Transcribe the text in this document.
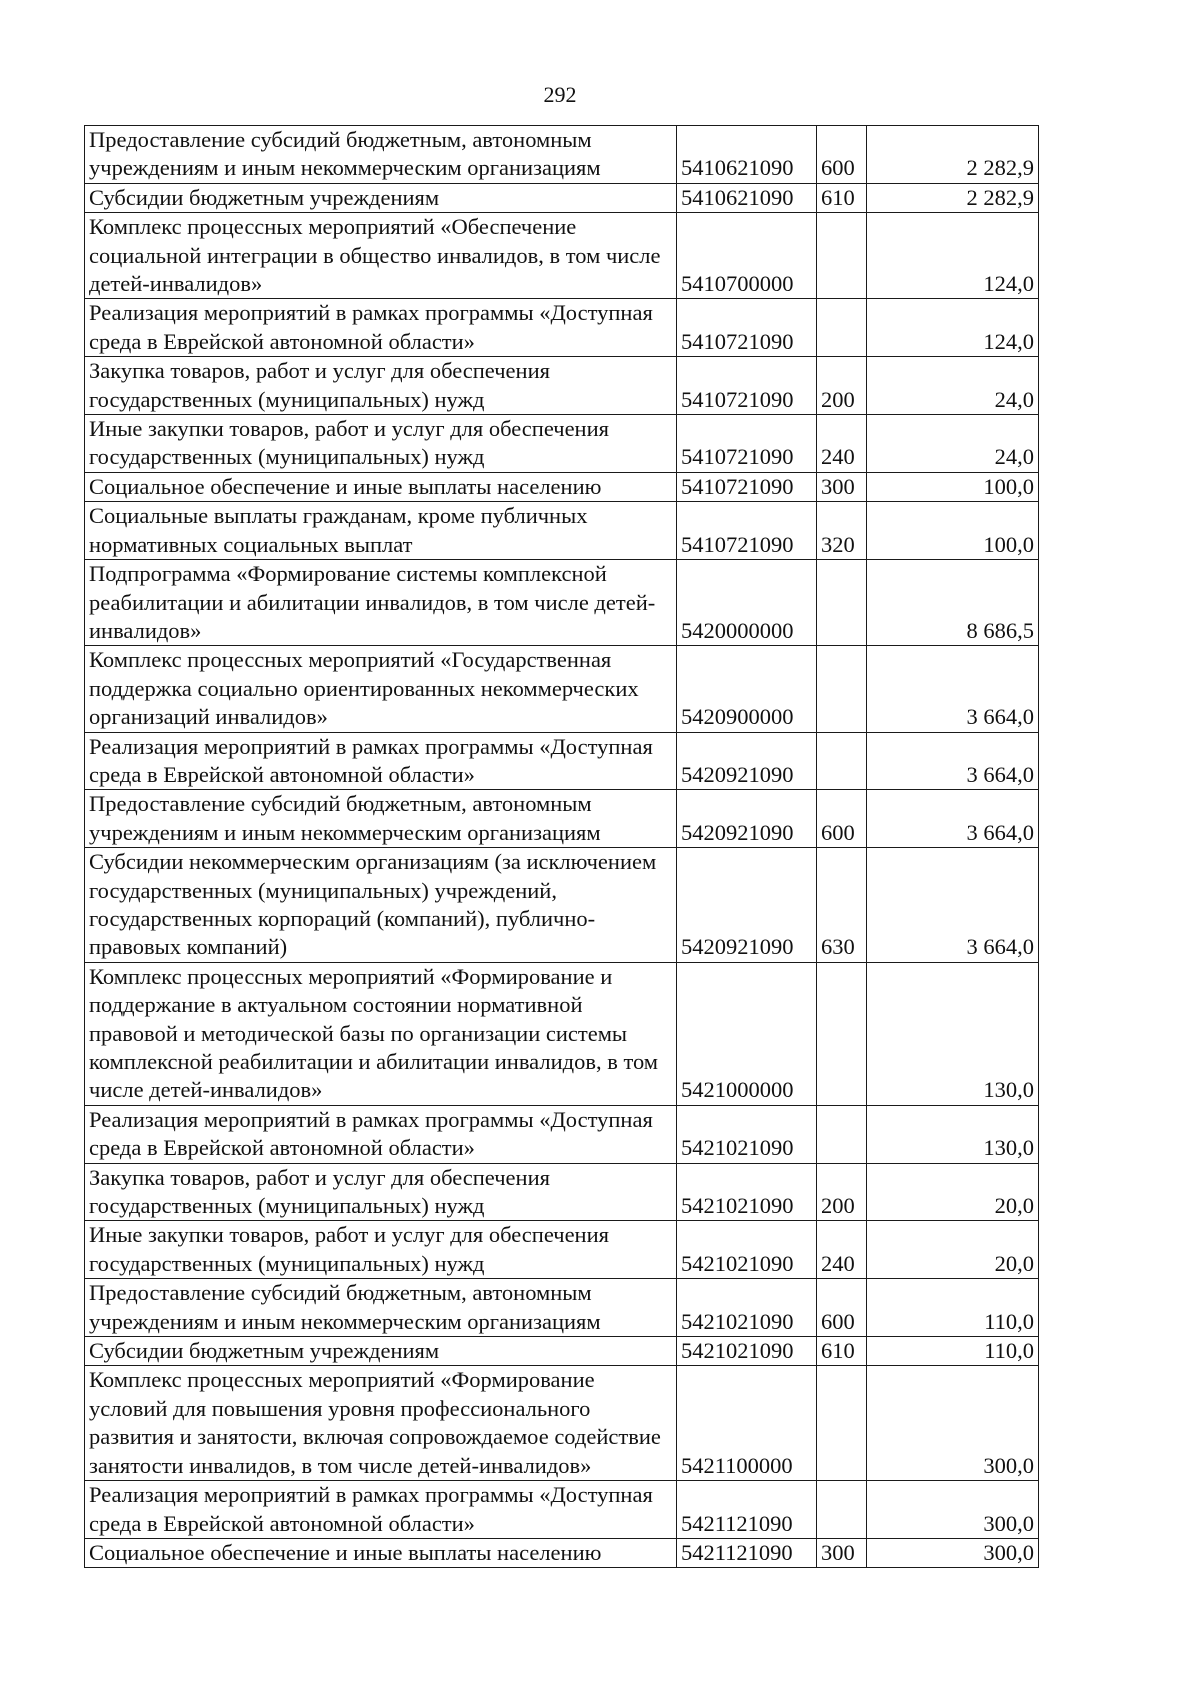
292
Предоставление субсидий бюджетным, автономным учреждениям и иным некоммерческим организациям	5410621090	600	2 282,9
Субсидии бюджетным учреждениям	5410621090	610	2 282,9
Комплекс процессных мероприятий «Обеспечение социальной интеграции в общество инвалидов, в том числе детей-инвалидов»	5410700000		124,0
Реализация мероприятий в рамках программы «Доступная среда в Еврейской автономной области»	5410721090		124,0
Закупка товаров, работ и услуг для обеспечения государственных (муниципальных) нужд	5410721090	200	24,0
Иные закупки товаров, работ и услуг для обеспечения государственных (муниципальных) нужд	5410721090	240	24,0
Социальное обеспечение и иные выплаты населению	5410721090	300	100,0
Социальные выплаты гражданам, кроме публичных нормативных социальных выплат	5410721090	320	100,0
Подпрограмма «Формирование системы комплексной реабилитации и абилитации инвалидов, в том числе детей-инвалидов»	5420000000		8 686,5
Комплекс процессных мероприятий «Государственная поддержка социально ориентированных некоммерческих организаций инвалидов»	5420900000		3 664,0
Реализация мероприятий в рамках программы «Доступная среда в Еврейской автономной области»	5420921090		3 664,0
Предоставление субсидий бюджетным, автономным учреждениям и иным некоммерческим организациям	5420921090	600	3 664,0
Субсидии некоммерческим организациям (за исключением государственных (муниципальных) учреждений, государственных корпораций (компаний), публично-правовых компаний)	5420921090	630	3 664,0
Комплекс процессных мероприятий «Формирование и поддержание в актуальном состоянии нормативной правовой и методической базы по организации системы комплексной реабилитации и абилитации инвалидов, в том числе детей-инвалидов»	5421000000		130,0
Реализация мероприятий в рамках программы «Доступная среда в Еврейской автономной области»	5421021090		130,0
Закупка товаров, работ и услуг для обеспечения государственных (муниципальных) нужд	5421021090	200	20,0
Иные закупки товаров, работ и услуг для обеспечения государственных (муниципальных) нужд	5421021090	240	20,0
Предоставление субсидий бюджетным, автономным учреждениям и иным некоммерческим организациям	5421021090	600	110,0
Субсидии бюджетным учреждениям	5421021090	610	110,0
Комплекс процессных мероприятий «Формирование условий для повышения уровня профессионального развития и занятости, включая сопровождаемое содействие занятости инвалидов, в том числе детей-инвалидов»	5421100000		300,0
Реализация мероприятий в рамках программы «Доступная среда в Еврейской автономной области»	5421121090		300,0
Социальное обеспечение и иные выплаты населению	5421121090	300	300,0
